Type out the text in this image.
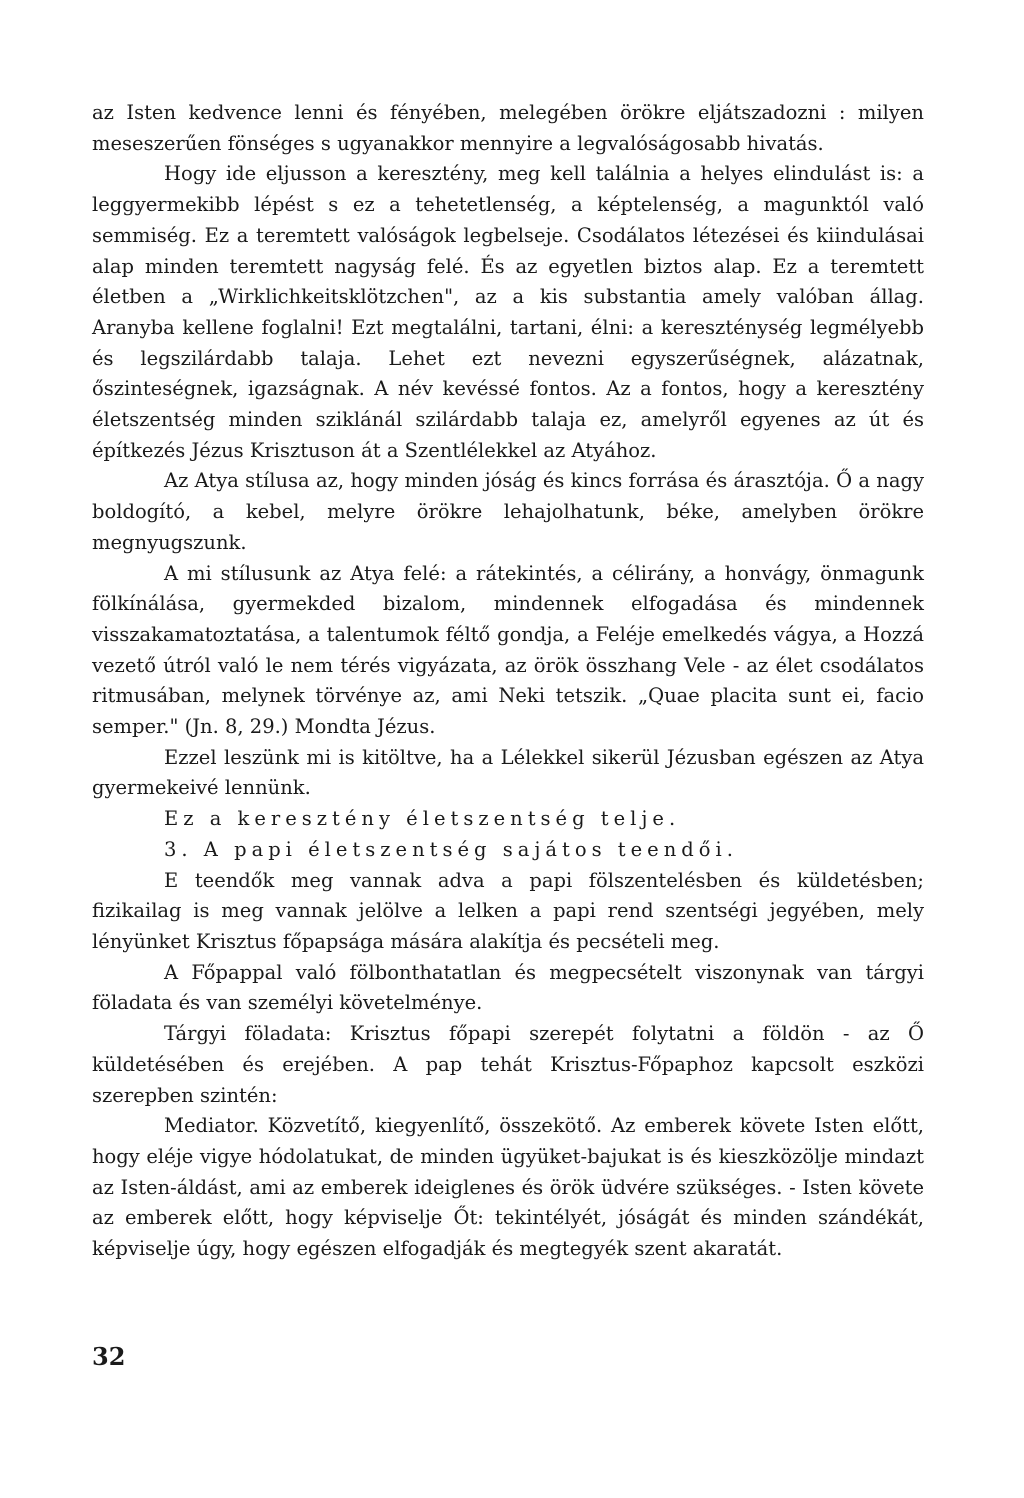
az Isten kedvence lenni és fényében, melegében örökre eljátszadozni : milyen meseszerűen fönséges s ugyanakkor mennyire a legvalóságosabb hivatás.

Hogy ide eljusson a keresztény, meg kell találnia a helyes elindulást is: a leggyermekibb lépést s ez a tehetetlenség, a képtelenség, a magunktól való semmiség. Ez a teremtett valóságok legbelseje. Csodálatos létezései és kiindulásai alap minden teremtett nagyság felé. És az egyetlen biztos alap. Ez a teremtett életben a „Wirklichkeitsklötzchen", az a kis substantia amely valóban állag. Aranyba kellene foglalni! Ezt megtalálni, tartani, élni: a kereszténység legmélyebb és legszilárdabb talaja. Lehet ezt nevezni egyszerűségnek, alázatnak, őszinteségnek, igazságnak. A név kevéssé fontos. Az a fontos, hogy a keresztény életszentség minden sziklánál szilárdabb talaja ez, amelyről egyenes az út és építkezés Jézus Krisztuson át a Szentlélekkel az Atyához.

Az Atya stílusa az, hogy minden jóság és kincs forrása és árasztója. Ő a nagy boldogító, a kebel, melyre örökre lehajolhatunk, béke, amelyben örökre megnyugszunk.

A mi stílusunk az Atya felé: a rátekintés, a célirány, a honvágy, önmagunk fölkínálása, gyermekded bizalom, mindennek elfogadása és mindennek visszakamatoztatása, a talentumok féltő gondja, a Feléje emelkedés vágya, a Hozzá vezető útról való le nem térés vigyázata, az örök összhang Vele - az élet csodálatos ritmusában, melynek törvénye az, ami Neki tetszik. „Quae placita sunt ei, facio semper." (Jn. 8, 29.) Mondta Jézus.

Ezzel leszünk mi is kitöltve, ha a Lélekkel sikerül Jézusban egészen az Atya gyermekeivé lennünk.

Ez a keresztény életszentség telje.

3. A papi életszentség sajátos teendői.

E teendők meg vannak adva a papi fölszentelésben és küldetésben; fizikailag is meg vannak jelölve a lelken a papi rend szentségi jegyében, mely lényünket Krisztus főpapsága mására alakítja és pecsételi meg.

A Főpappal való fölbonthatatlan és megpecsételt viszonynak van tárgyi föladata és van személyi követelménye.

Tárgyi föladata: Krisztus főpapi szerepét folytatni a földön - az Ő küldetésében és erejében. A pap tehát Krisztus-Főpaphoz kapcsolt eszközi szerepben szintén:

Mediator. Közvetítő, kiegyenlítő, összekötő. Az emberek követe Isten előtt, hogy eléje vigye hódolatukat, de minden ügyüket-bajukat is és kieszközölje mindazt az Isten-áldást, ami az emberek ideiglenes és örök üdvére szükséges. - Isten követe az emberek előtt, hogy képviselje Őt: tekintélyét, jóságát és minden szándékát, képviselje úgy, hogy egészen elfogadják és megtegyék szent akaratát.

32
